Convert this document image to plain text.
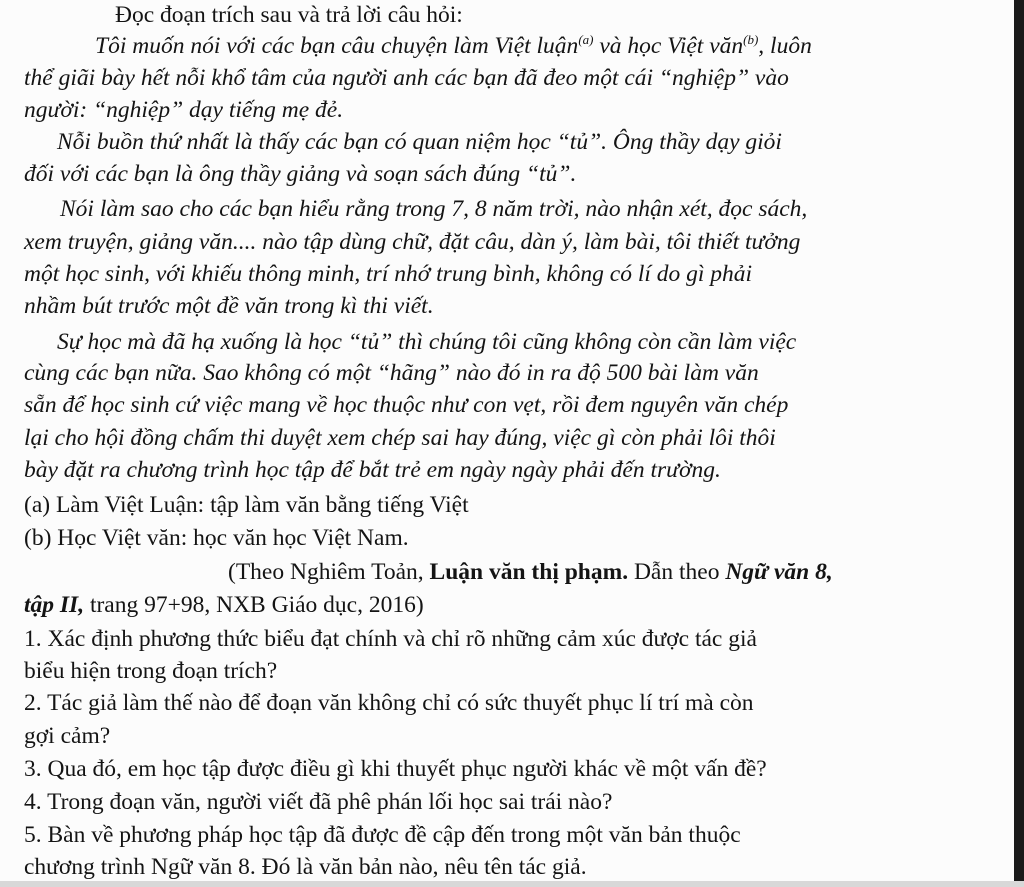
Đọc đoạn trích sau và trả lời câu hỏi:
Tôi muốn nói với các bạn câu chuyện làm Việt luận$^{(a)}$ và học Việt văn$^{(b)}$, luôn
thể giãi bày hết nỗi khổ tâm của người anh các bạn đã đeo một cái “nghiệp” vào
người: “nghiệp” dạy tiếng mẹ đẻ.
Nỗi buồn thứ nhất là thấy các bạn có quan niệm học “tủ”. Ông thầy dạy giỏi
đối với các bạn là ông thầy giảng và soạn sách đúng “tủ”.
Nói làm sao cho các bạn hiểu rằng trong 7, 8 năm trời, nào nhận xét, đọc sách,
xem truyện, giảng văn.... nào tập dùng chữ, đặt câu, dàn ý, làm bài, tôi thiết tưởng
một học sinh, với khiếu thông minh, trí nhớ trung bình, không có lí do gì phải
nhầm bút trước một đề văn trong kì thi viết.
Sự học mà đã hạ xuống là học “tủ” thì chúng tôi cũng không còn cần làm việc
cùng các bạn nữa. Sao không có một “hãng” nào đó in ra độ 500 bài làm văn
sẵn để học sinh cứ việc mang về học thuộc như con vẹt, rồi đem nguyên văn chép
lại cho hội đồng chấm thi duyệt xem chép sai hay đúng, việc gì còn phải lôi thôi
bày đặt ra chương trình học tập để bắt trẻ em ngày ngày phải đến trường.
(a) Làm Việt Luận: tập làm văn bằng tiếng Việt
(b) Học Việt văn: học văn học Việt Nam.
(Theo Nghiêm Toản, Luận văn thị phạm. Dẫn theo Ngữ văn 8,
tập II, trang 97+98, NXB Giáo dục, 2016)
1. Xác định phương thức biểu đạt chính và chỉ rõ những cảm xúc được tác giả
biểu hiện trong đoạn trích?
2. Tác giả làm thế nào để đoạn văn không chỉ có sức thuyết phục lí trí mà còn
gợi cảm?
3. Qua đó, em học tập được điều gì khi thuyết phục người khác về một vấn đề?
4. Trong đoạn văn, người viết đã phê phán lối học sai trái nào?
5. Bàn về phương pháp học tập đã được đề cập đến trong một văn bản thuộc
chương trình Ngữ văn 8. Đó là văn bản nào, nêu tên tác giả.
